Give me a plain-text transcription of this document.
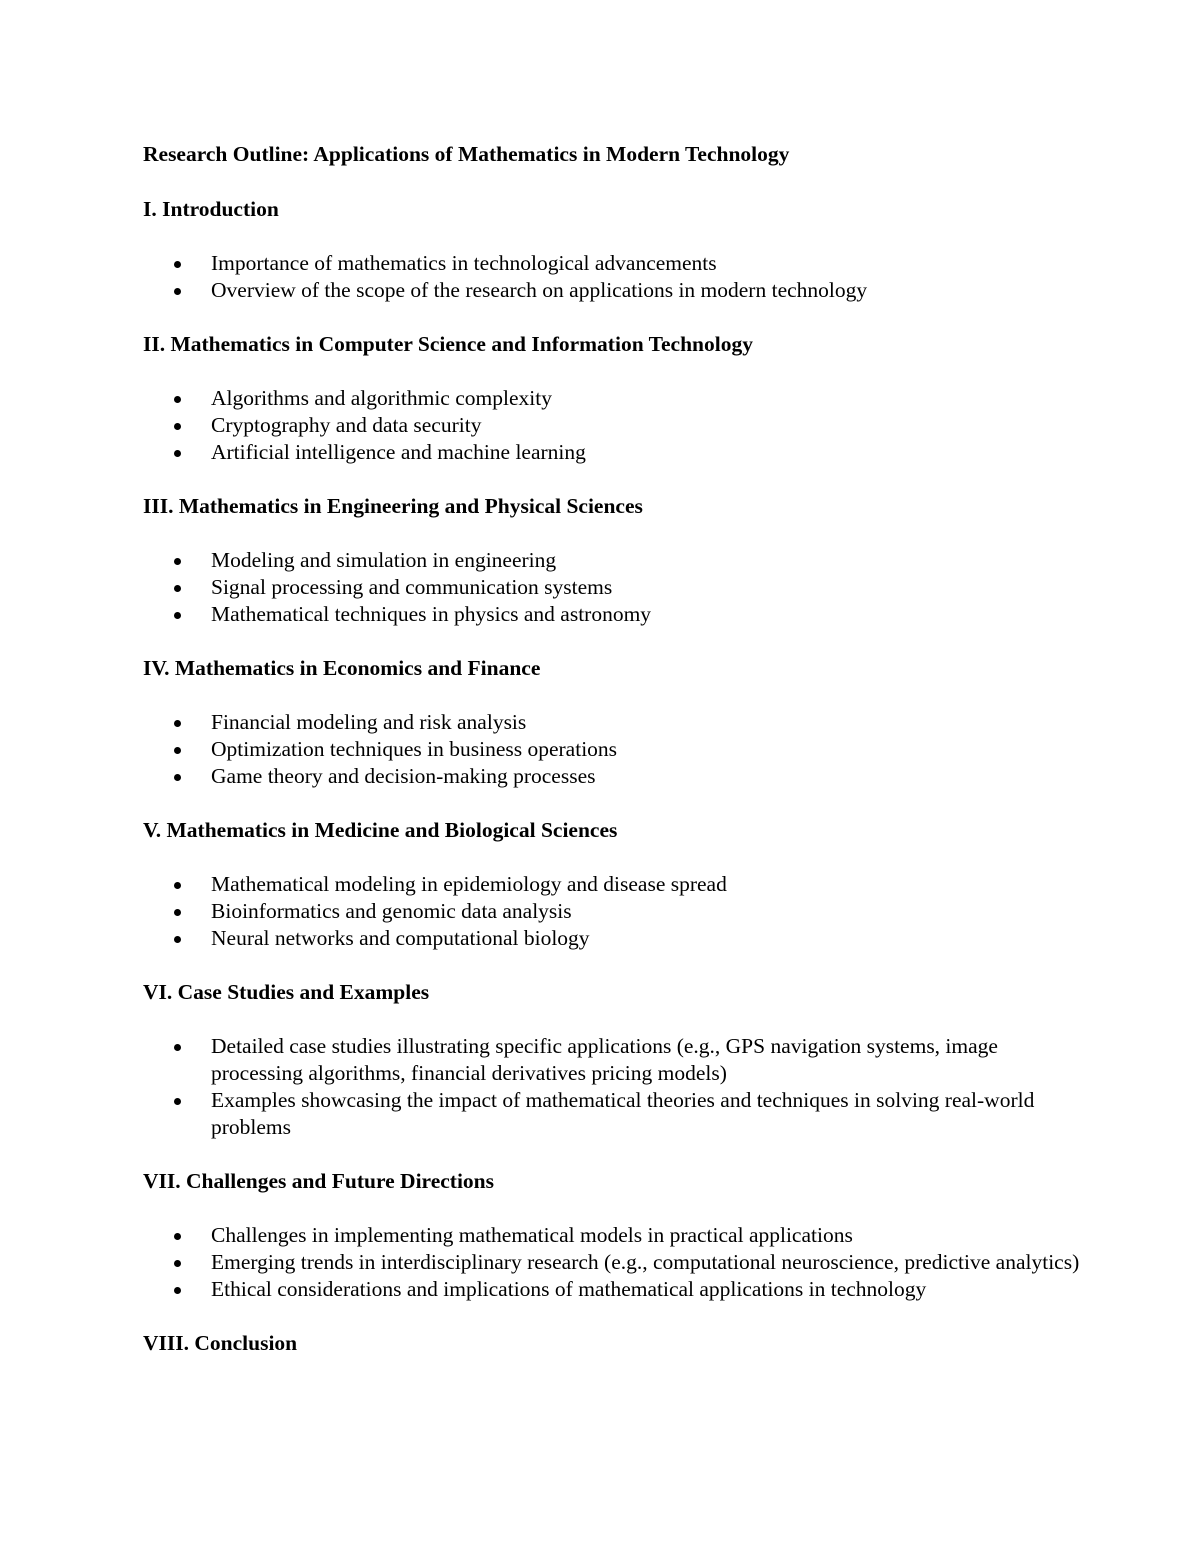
Research Outline: Applications of Mathematics in Modern Technology
I. Introduction
Importance of mathematics in technological advancements
Overview of the scope of the research on applications in modern technology
II. Mathematics in Computer Science and Information Technology
Algorithms and algorithmic complexity
Cryptography and data security
Artificial intelligence and machine learning
III. Mathematics in Engineering and Physical Sciences
Modeling and simulation in engineering
Signal processing and communication systems
Mathematical techniques in physics and astronomy
IV. Mathematics in Economics and Finance
Financial modeling and risk analysis
Optimization techniques in business operations
Game theory and decision-making processes
V. Mathematics in Medicine and Biological Sciences
Mathematical modeling in epidemiology and disease spread
Bioinformatics and genomic data analysis
Neural networks and computational biology
VI. Case Studies and Examples
Detailed case studies illustrating specific applications (e.g., GPS navigation systems, image processing algorithms, financial derivatives pricing models)
Examples showcasing the impact of mathematical theories and techniques in solving real-world problems
VII. Challenges and Future Directions
Challenges in implementing mathematical models in practical applications
Emerging trends in interdisciplinary research (e.g., computational neuroscience, predictive analytics)
Ethical considerations and implications of mathematical applications in technology
VIII. Conclusion
